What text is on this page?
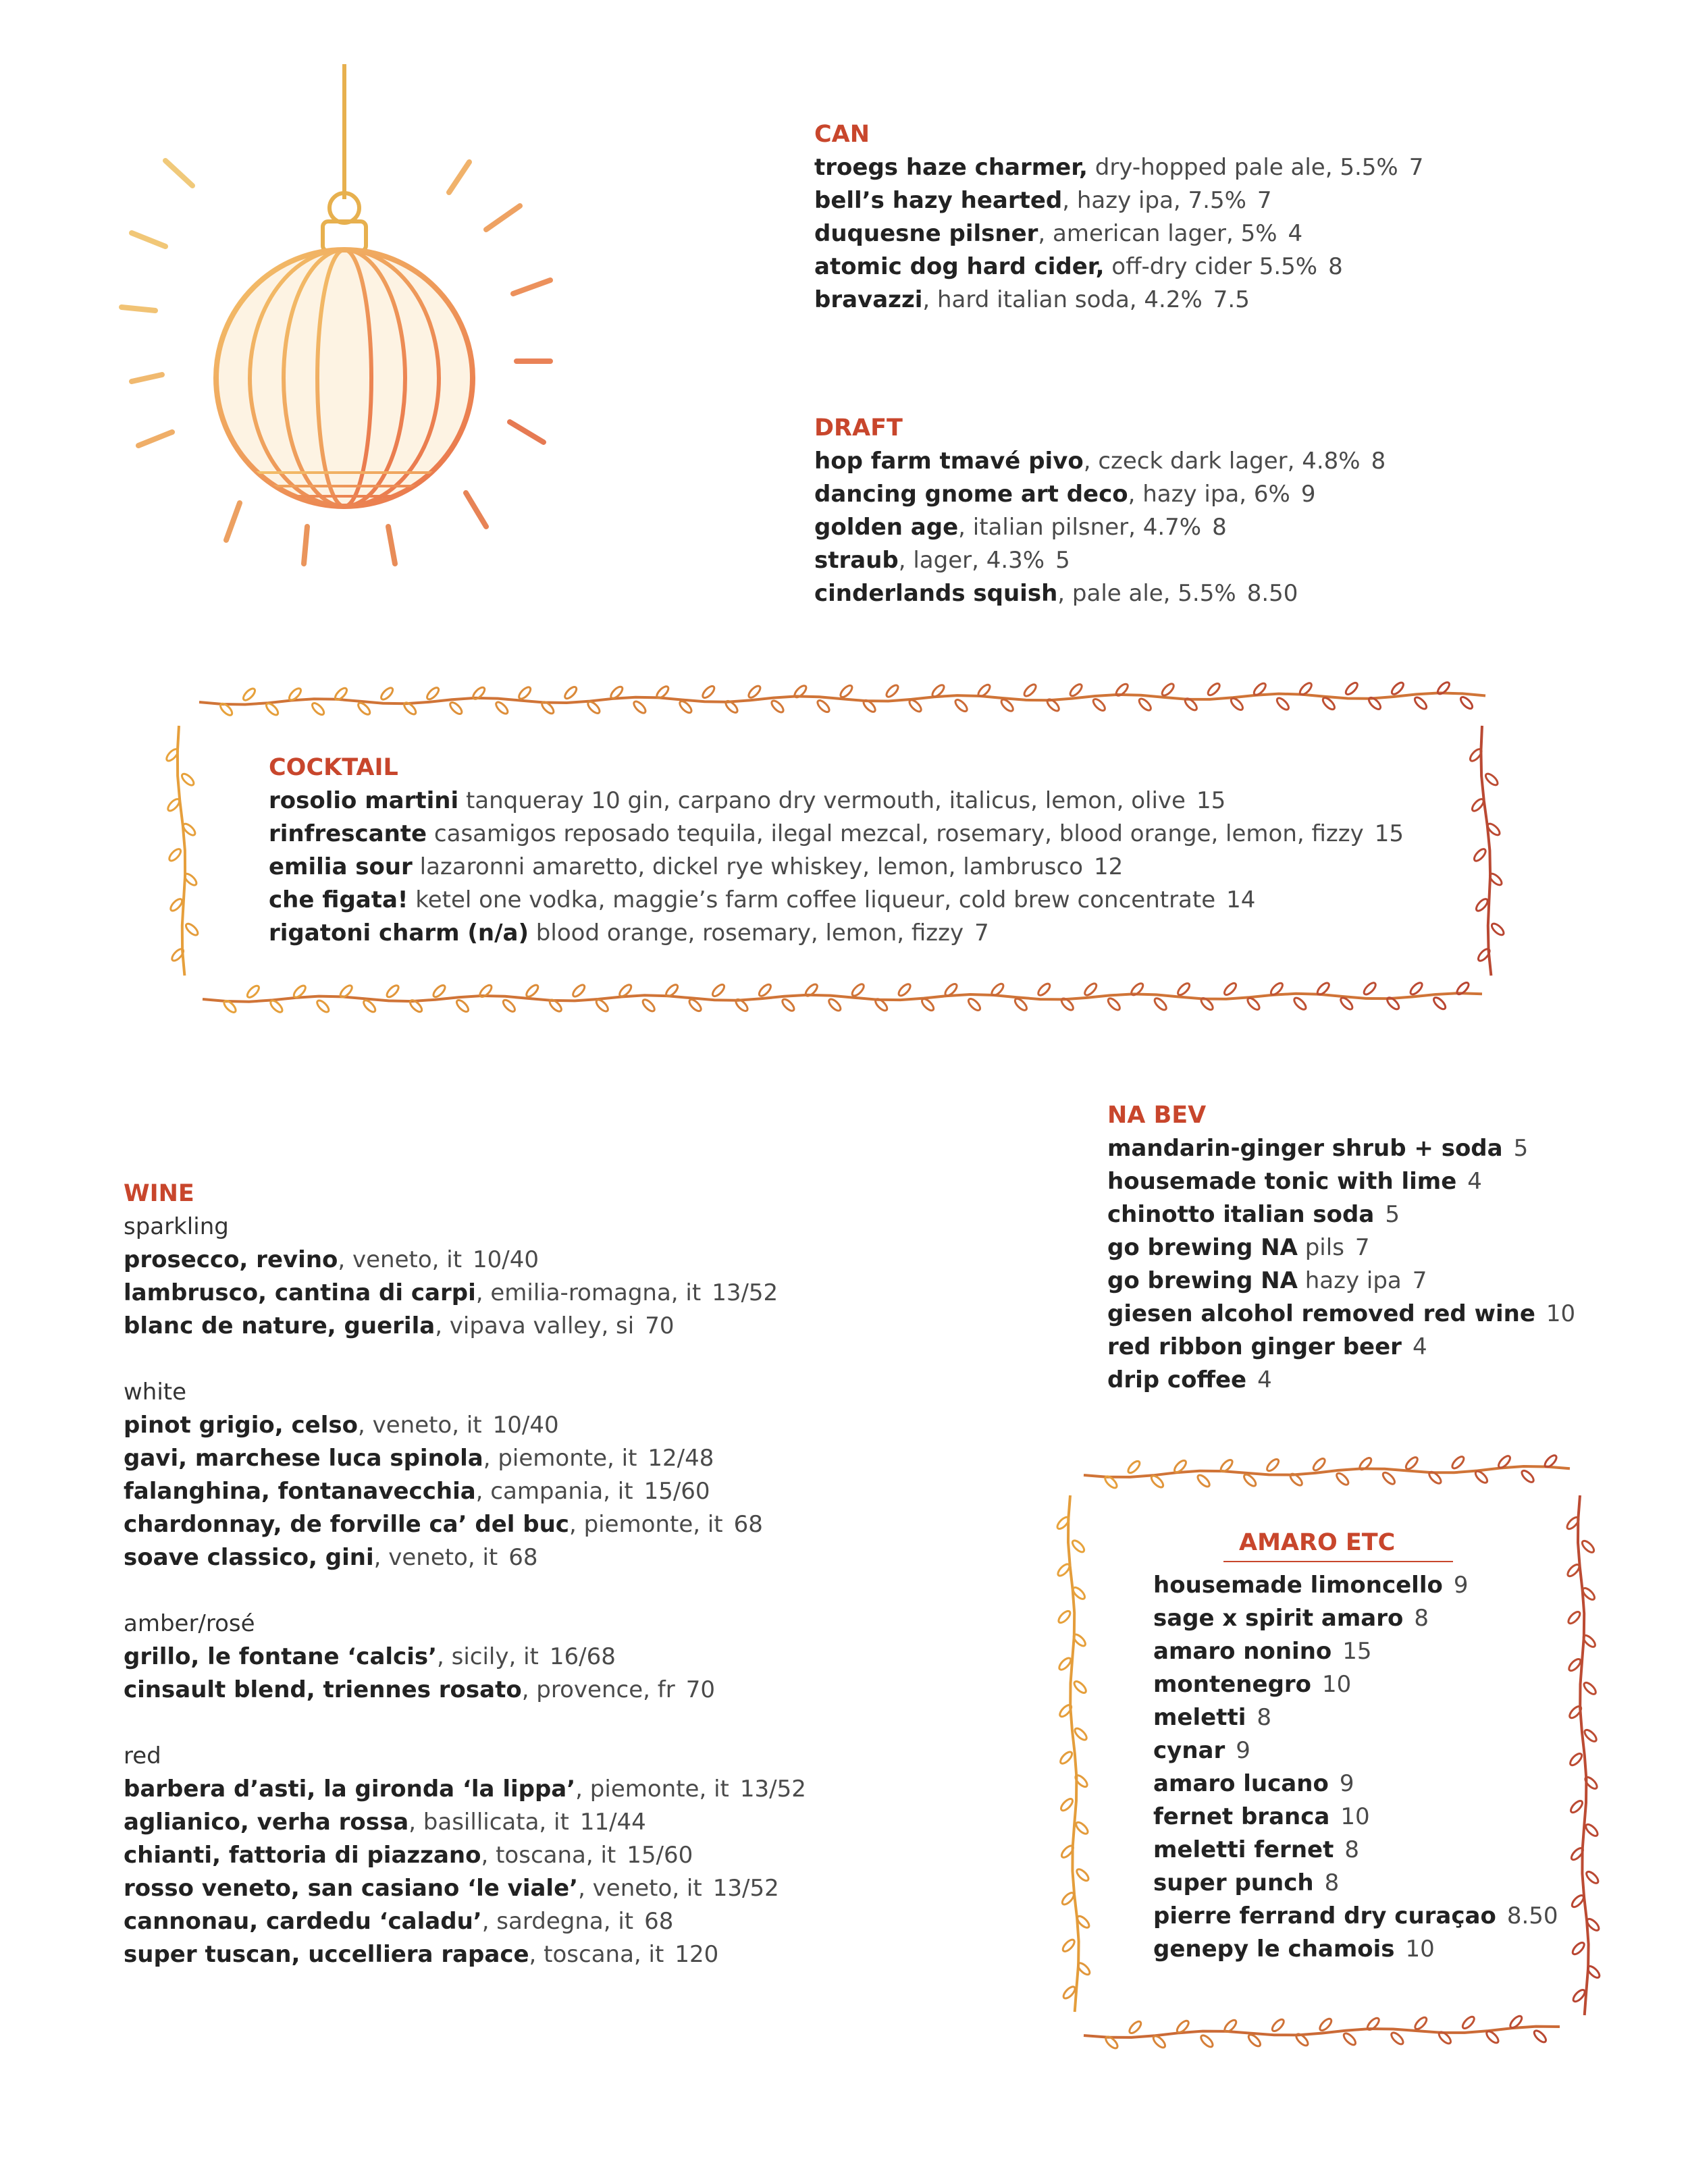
CAN
troegs haze charmer, dry-hopped pale ale, 5.5% 7
bell’s hazy hearted, hazy ipa, 7.5% 7
duquesne pilsner, american lager, 5% 4
atomic dog hard cider, off-dry cider 5.5% 8
bravazzi, hard italian soda, 4.2% 7.5
DRAFT
hop farm tmavé pivo, czeck dark lager, 4.8% 8
dancing gnome art deco, hazy ipa, 6% 9
golden age, italian pilsner, 4.7% 8
straub, lager, 4.3% 5
cinderlands squish, pale ale, 5.5% 8.50
COCKTAIL
rosolio martini tanqueray 10 gin, carpano dry vermouth, italicus, lemon, olive 15
rinfrescante casamigos reposado tequila, ilegal mezcal, rosemary, blood orange, lemon, fizzy 15
emilia sour lazaronni amaretto, dickel rye whiskey, lemon, lambrusco 12
che figata! ketel one vodka, maggie’s farm coffee liqueur, cold brew concentrate 14
rigatoni charm (n/a) blood orange, rosemary, lemon, fizzy 7
WINE
sparkling
prosecco, revino, veneto, it 10/40
lambrusco, cantina di carpi, emilia-romagna, it 13/52
blanc de nature, guerila, vipava valley, si 70
white
pinot grigio, celso, veneto, it 10/40
gavi, marchese luca spinola, piemonte, it 12/48
falanghina, fontanavecchia, campania, it 15/60
chardonnay, de forville ca’ del buc, piemonte, it 68
soave classico, gini, veneto, it 68
amber/rosé
grillo, le fontane ‘calcis’, sicily, it 16/68
cinsault blend, triennes rosato, provence, fr 70
red
barbera d’asti, la gironda ‘la lippa’, piemonte, it 13/52
aglianico, verha rossa, basillicata, it 11/44
chianti, fattoria di piazzano, toscana, it 15/60
rosso veneto, san casiano ‘le viale’, veneto, it 13/52
cannonau, cardedu ‘caladu’, sardegna, it 68
super tuscan, uccelliera rapace, toscana, it 120
NA BEV
mandarin-ginger shrub + soda 5
housemade tonic with lime 4
chinotto italian soda 5
go brewing NA pils 7
go brewing NA hazy ipa 7
giesen alcohol removed red wine 10
red ribbon ginger beer 4
drip coffee 4
AMARO ETC
housemade limoncello 9
sage x spirit amaro 8
amaro nonino 15
montenegro 10
meletti 8
cynar 9
amaro lucano 9
fernet branca 10
meletti fernet 8
super punch 8
pierre ferrand dry curaçao 8.50
genepy le chamois 10
